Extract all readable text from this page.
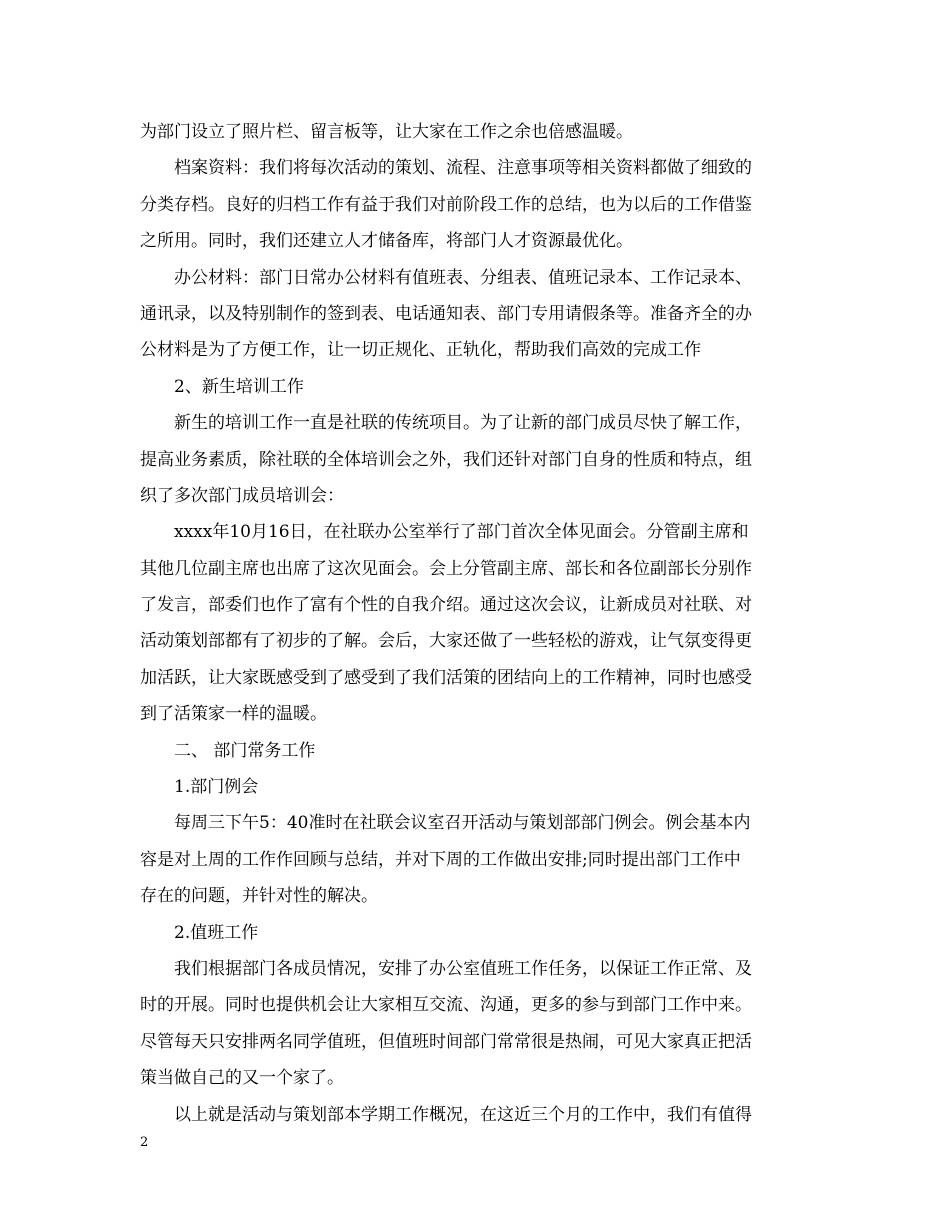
为部门设立了照片栏、留言板等，让大家在工作之余也倍感温暖。
档案资料：我们将每次活动的策划、流程、注意事项等相关资料都做了细致的
分类存档。良好的归档工作有益于我们对前阶段工作的总结，也为以后的工作借鉴
之所用。同时，我们还建立人才储备库，将部门人才资源最优化。
办公材料：部门日常办公材料有值班表、分组表、值班记录本、工作记录本、
通讯录，以及特别制作的签到表、电话通知表、部门专用请假条等。准备齐全的办
公材料是为了方便工作，让一切正规化、正轨化，帮助我们高效的完成工作
2、新生培训工作
新生的培训工作一直是社联的传统项目。为了让新的部门成员尽快了解工作，
提高业务素质，除社联的全体培训会之外，我们还针对部门自身的性质和特点，组
织了多次部门成员培训会：
xxxx年10月16日，在社联办公室举行了部门首次全体见面会。分管副主席和
其他几位副主席也出席了这次见面会。会上分管副主席、部长和各位副部长分别作
了发言，部委们也作了富有个性的自我介绍。通过这次会议，让新成员对社联、对
活动策划部都有了初步的了解。会后，大家还做了一些轻松的游戏，让气氛变得更
加活跃，让大家既感受到了感受到了我们活策的团结向上的工作精神，同时也感受
到了活策家一样的温暖。
二、 部门常务工作
1.部门例会
每周三下午5：40准时在社联会议室召开活动与策划部部门例会。例会基本内
容是对上周的工作作回顾与总结，并对下周的工作做出安排;同时提出部门工作中
存在的问题，并针对性的解决。
2.值班工作
我们根据部门各成员情况，安排了办公室值班工作任务，以保证工作正常、及
时的开展。同时也提供机会让大家相互交流、沟通，更多的参与到部门工作中来。
尽管每天只安排两名同学值班，但值班时间部门常常很是热闹，可见大家真正把活
策当做自己的又一个家了。
以上就是活动与策划部本学期工作概况，在这近三个月的工作中，我们有值得
2
